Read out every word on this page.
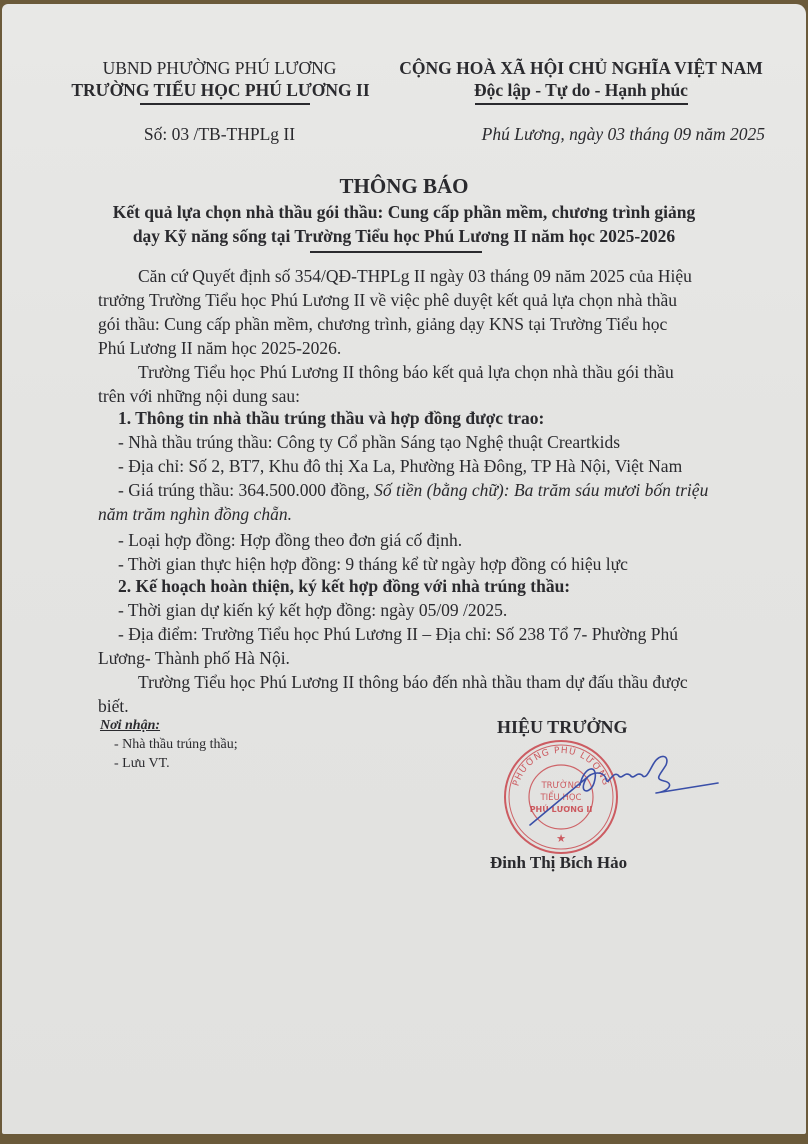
UBND PHƯỜNG PHÚ LƯƠNG
TRƯỜNG TIỂU HỌC PHÚ LƯƠNG II
Số: 03 /TB-THPLg II
CỘNG HOÀ XÃ HỘI CHỦ NGHĨA VIỆT NAM
Độc lập - Tự do - Hạnh phúc
Phú Lương, ngày 03 tháng 09 năm 2025
THÔNG BÁO
Kết quả lựa chọn nhà thầu gói thầu: Cung cấp phần mềm, chương trình giảng
dạy Kỹ năng sống tại Trường Tiểu học Phú Lương II năm học 2025-2026
Căn cứ Quyết định số 354/QĐ-THPLg II ngày 03 tháng 09 năm 2025 của Hiệu
trưởng Trường Tiểu học Phú Lương II về việc phê duyệt kết quả lựa chọn nhà thầu
gói thầu: Cung cấp phần mềm, chương trình, giảng dạy KNS tại Trường Tiểu học
Phú Lương II năm học 2025-2026.
Trường Tiểu học Phú Lương II thông báo kết quả lựa chọn nhà thầu gói thầu
trên với những nội dung sau:
1. Thông tin nhà thầu trúng thầu và hợp đồng được trao:
- Nhà thầu trúng thầu: Công ty Cổ phần Sáng tạo Nghệ thuật Creartkids
- Địa chỉ: Số 2, BT7, Khu đô thị Xa La, Phường Hà Đông, TP Hà Nội, Việt Nam
- Giá trúng thầu: 364.500.000 đồng, Số tiền (bằng chữ): Ba trăm sáu mươi bốn triệu
năm trăm nghìn đồng chẵn.
- Loại hợp đồng: Hợp đồng theo đơn giá cố định.
- Thời gian thực hiện hợp đồng: 9 tháng kể từ ngày hợp đồng có hiệu lực
2. Kế hoạch hoàn thiện, ký kết hợp đồng với nhà trúng thầu:
- Thời gian dự kiến ký kết hợp đồng: ngày 05/09 /2025.
- Địa điểm: Trường Tiểu học Phú Lương II – Địa chỉ: Số 238 Tổ 7- Phường Phú
Lương- Thành phố Hà Nội.
Trường Tiểu học Phú Lương II thông báo đến nhà thầu tham dự đấu thầu được
biết.
Nơi nhận:
- Nhà thầu trúng thầu;
- Lưu VT.
HIỆU TRƯỞNG
PHƯỜNG PHÚ LƯƠNG
TRƯỜNG
TIỂU HỌC
PHÚ LƯƠNG II
★
Đinh Thị Bích Hảo
